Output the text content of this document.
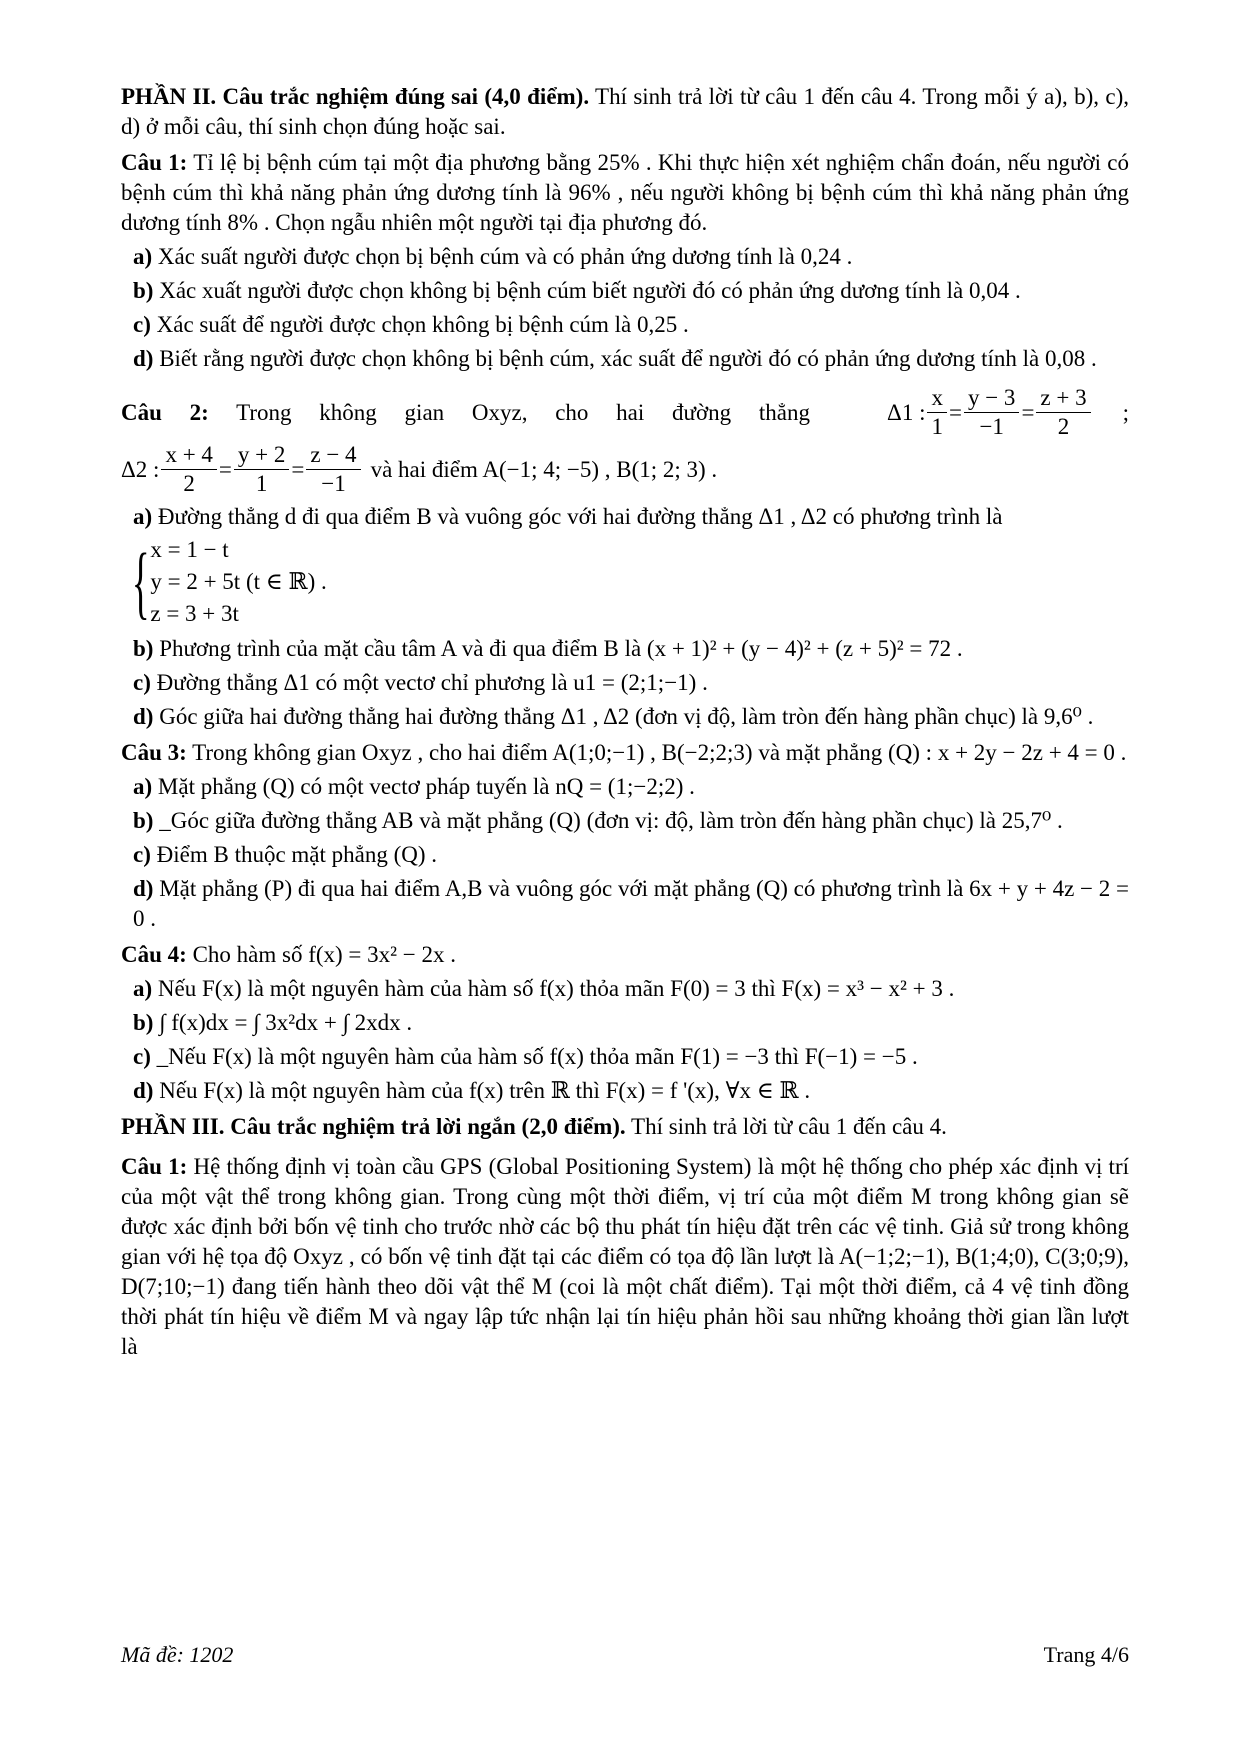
PHẦN II. Câu trắc nghiệm đúng sai (4,0 điểm). Thí sinh trả lời từ câu 1 đến câu 4. Trong mỗi ý a), b), c), d) ở mỗi câu, thí sinh chọn đúng hoặc sai.

Câu 1: Tỉ lệ bị bệnh cúm tại một địa phương bằng 25% . Khi thực hiện xét nghiệm chẩn đoán, nếu người có bệnh cúm thì khả năng phản ứng dương tính là 96% , nếu người không bị bệnh cúm thì khả năng phản ứng dương tính 8% . Chọn ngẫu nhiên một người tại địa phương đó.

a) Xác suất người được chọn bị bệnh cúm và có phản ứng dương tính là 0,24 .

b) Xác xuất người được chọn không bị bệnh cúm biết người đó có phản ứng dương tính là 0,04 .

c) Xác suất để người được chọn không bị bệnh cúm là 0,25 .

d) Biết rằng người được chọn không bị bệnh cúm, xác suất để người đó có phản ứng dương tính là 0,08 .

Câu 2: Trong không gian Oxyz, cho hai đường thẳng	Δ1 : $\frac{x}{1} = \frac{y - 3}{-1} = \frac{z + 3}{2}$ ;
Δ2 : $\frac{x + 4}{2} = \frac{y + 2}{1} = \frac{z - 4}{-1}$ và hai điểm A(−1; 4; −5) , B(1; 2; 3) .

a) Đường thẳng d đi qua điểm B và vuông góc với hai đường thẳng Δ1 , Δ2 có phương trình là

{ x = 1 − t
y = 2 + 5t (t ∈ ℝ) .
z = 3 + 3t

b) Phương trình của mặt cầu tâm A và đi qua điểm B là (x + 1)² + (y − 4)² + (z + 5)² = 72 .

c) Đường thẳng Δ1 có một vectơ chỉ phương là u1 = (2;1;−1) .

d) Góc giữa hai đường thẳng hai đường thẳng Δ1 , Δ2 (đơn vị độ, làm tròn đến hàng phần chục) là 9,6⁰ .

Câu 3: Trong không gian Oxyz , cho hai điểm A(1;0;−1) , B(−2;2;3) và mặt phẳng (Q) : x + 2y − 2z + 4 = 0 .

a) Mặt phẳng (Q) có một vectơ pháp tuyến là nQ = (1;−2;2) .

b) _Góc giữa đường thẳng AB và mặt phẳng (Q) (đơn vị: độ, làm tròn đến hàng phần chục) là 25,7⁰ .

c) Điểm B thuộc mặt phẳng (Q) .

d) Mặt phẳng (P) đi qua hai điểm A,B và vuông góc với mặt phẳng (Q) có phương trình là 6x + y + 4z − 2 = 0 .

Câu 4: Cho hàm số f(x) = 3x² − 2x .

a) Nếu F(x) là một nguyên hàm của hàm số f(x) thỏa mãn F(0) = 3 thì F(x) = x³ − x² + 3 .

b) ∫ f(x)dx = ∫ 3x²dx + ∫ 2xdx .

c) _Nếu F(x) là một nguyên hàm của hàm số f(x) thỏa mãn F(1) = −3 thì F(−1) = −5 .

d) Nếu F(x) là một nguyên hàm của f(x) trên ℝ thì F(x) = f '(x), ∀x ∈ ℝ .

PHẦN III. Câu trắc nghiệm trả lời ngắn (2,0 điểm). Thí sinh trả lời từ câu 1 đến câu 4.

Câu 1: Hệ thống định vị toàn cầu GPS (Global Positioning System) là một hệ thống cho phép xác định vị trí của một vật thể trong không gian. Trong cùng một thời điểm, vị trí của một điểm M trong không gian sẽ được xác định bởi bốn vệ tinh cho trước nhờ các bộ thu phát tín hiệu đặt trên các vệ tinh. Giả sử trong không gian với hệ tọa độ Oxyz , có bốn vệ tinh đặt tại các điểm có tọa độ lần lượt là A(−1;2;−1), B(1;4;0), C(3;0;9), D(7;10;−1) đang tiến hành theo dõi vật thể M (coi là một chất điểm). Tại một thời điểm, cả 4 vệ tinh đồng thời phát tín hiệu về điểm M và ngay lập tức nhận lại tín hiệu phản hồi sau những khoảng thời gian lần lượt là

Mã đề: 1202	Trang 4/6
